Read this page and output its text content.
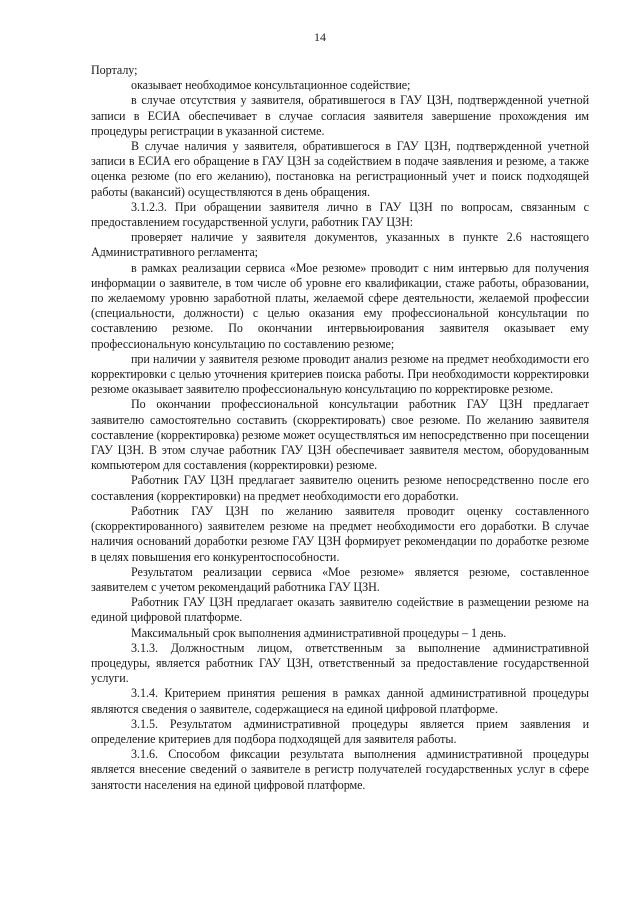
14

Порталу;

оказывает необходимое консультационное содействие;

в случае отсутствия у заявителя, обратившегося в ГАУ ЦЗН, подтвержденной учетной записи в ЕСИА обеспечивает в случае согласия заявителя завершение прохождения им процедуры регистрации в указанной системе.

В случае наличия у заявителя, обратившегося в ГАУ ЦЗН, подтвержденной учетной записи в ЕСИА его обращение в ГАУ ЦЗН за содействием в подаче заявления и резюме, а также оценка резюме (по его желанию), постановка на регистрационный учет и поиск подходящей работы (вакансий) осуществляются в день обращения.

3.1.2.3. При обращении заявителя лично в ГАУ ЦЗН по вопросам, связанным с предоставлением государственной услуги, работник ГАУ ЦЗН:

проверяет наличие у заявителя документов, указанных в пункте 2.6 настоящего Административного регламента;

в рамках реализации сервиса «Мое резюме» проводит с ним интервью для получения информации о заявителе, в том числе об уровне его квалификации, стаже работы, образовании, по желаемому уровню заработной платы, желаемой сфере деятельности, желаемой профессии (специальности, должности) с целью оказания ему профессиональной консультации по составлению резюме. По окончании интервьюирования заявителя оказывает ему профессиональную консультацию по составлению резюме;

при наличии у заявителя резюме проводит анализ резюме на предмет необходимости его корректировки с целью уточнения критериев поиска работы. При необходимости корректировки резюме оказывает заявителю профессиональную консультацию по корректировке резюме.

По окончании профессиональной консультации работник ГАУ ЦЗН предлагает заявителю самостоятельно составить (скорректировать) свое резюме. По желанию заявителя составление (корректировка) резюме может осуществляться им непосредственно при посещении ГАУ ЦЗН. В этом случае работник ГАУ ЦЗН обеспечивает заявителя местом, оборудованным компьютером для составления (корректировки) резюме.

Работник ГАУ ЦЗН предлагает заявителю оценить резюме непосредственно после его составления (корректировки) на предмет необходимости его доработки.

Работник ГАУ ЦЗН по желанию заявителя проводит оценку составленного (скорректированного) заявителем резюме на предмет необходимости его доработки. В случае наличия оснований доработки резюме ГАУ ЦЗН формирует рекомендации по доработке резюме в целях повышения его конкурентоспособности.

Результатом реализации сервиса «Мое резюме» является резюме, составленное заявителем с учетом рекомендаций работника ГАУ ЦЗН.

Работник ГАУ ЦЗН предлагает оказать заявителю содействие в размещении резюме на единой цифровой платформе.

Максимальный срок выполнения административной процедуры – 1 день.

3.1.3. Должностным лицом, ответственным за выполнение административной процедуры, является работник ГАУ ЦЗН, ответственный за предоставление государственной услуги.

3.1.4. Критерием принятия решения в рамках данной административной процедуры являются сведения о заявителе, содержащиеся на единой цифровой платформе.

3.1.5. Результатом административной процедуры является прием заявления и определение критериев для подбора подходящей для заявителя работы.

3.1.6. Способом фиксации результата выполнения административной процедуры является внесение сведений о заявителе в регистр получателей государственных услуг в сфере занятости населения на единой цифровой платформе.
